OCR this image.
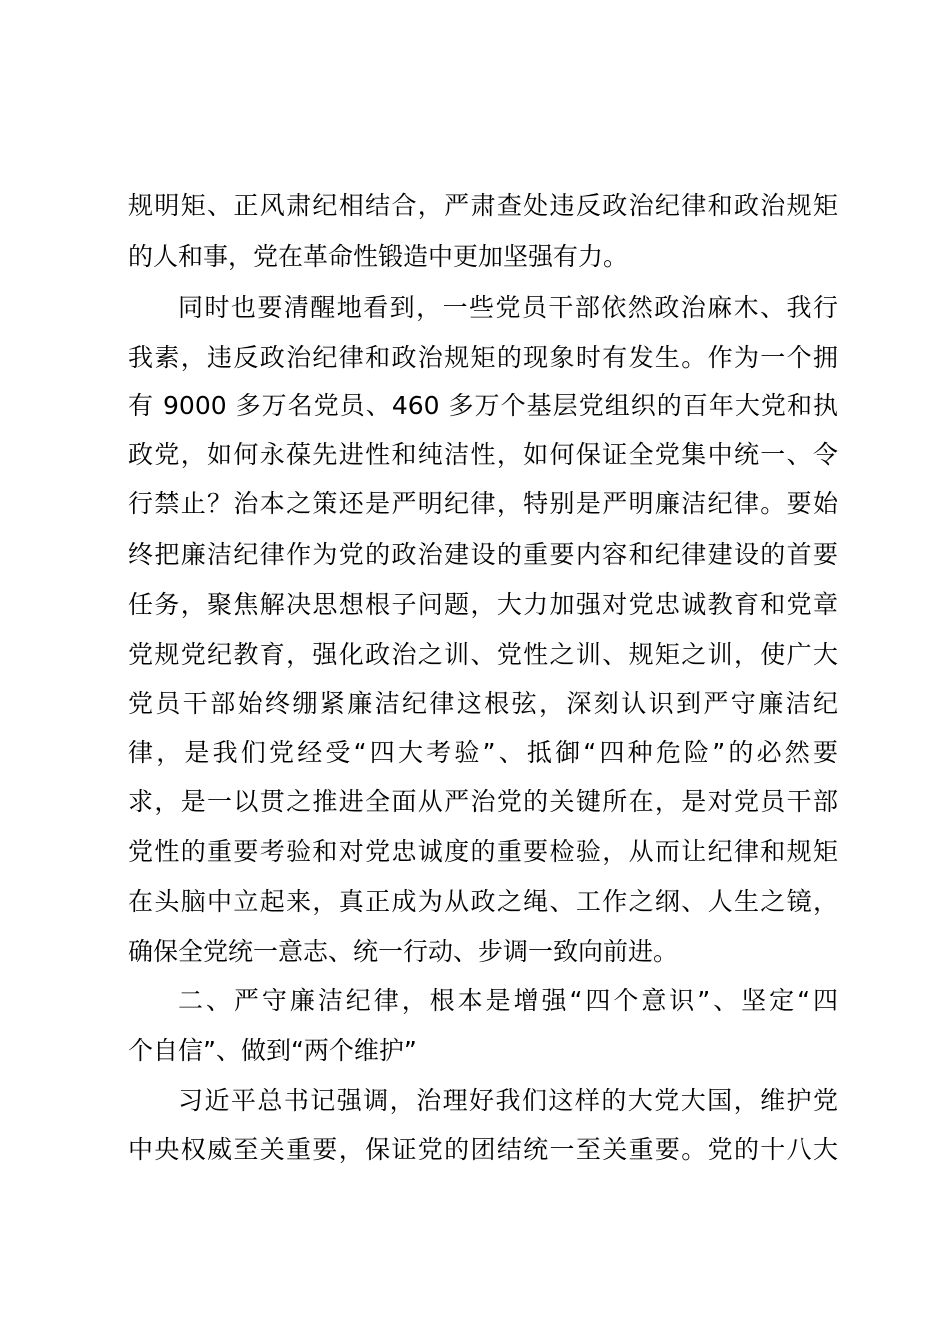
规明矩、正风肃纪相结合，严肃查处违反政治纪律和政治规矩
的人和事，党在革命性锻造中更加坚强有力。
同时也要清醒地看到，一些党员干部依然政治麻木、我行
我素，违反政治纪律和政治规矩的现象时有发生。作为一个拥
有 9000 多万名党员、460 多万个基层党组织的百年大党和执
政党，如何永葆先进性和纯洁性，如何保证全党集中统一、令
行禁止？治本之策还是严明纪律，特别是严明廉洁纪律。要始
终把廉洁纪律作为党的政治建设的重要内容和纪律建设的首要
任务，聚焦解决思想根子问题，大力加强对党忠诚教育和党章
党规党纪教育，强化政治之训、党性之训、规矩之训，使广大
党员干部始终绷紧廉洁纪律这根弦，深刻认识到严守廉洁纪
律，是我们党经受“四大考验”、抵御“四种危险”的必然要
求，是一以贯之推进全面从严治党的关键所在，是对党员干部
党性的重要考验和对党忠诚度的重要检验，从而让纪律和规矩
在头脑中立起来，真正成为从政之绳、工作之纲、人生之镜，
确保全党统一意志、统一行动、步调一致向前进。
二、严守廉洁纪律，根本是增强“四个意识”、坚定“四
个自信”、做到“两个维护”
习近平总书记强调，治理好我们这样的大党大国，维护党
中央权威至关重要，保证党的团结统一至关重要。党的十八大
